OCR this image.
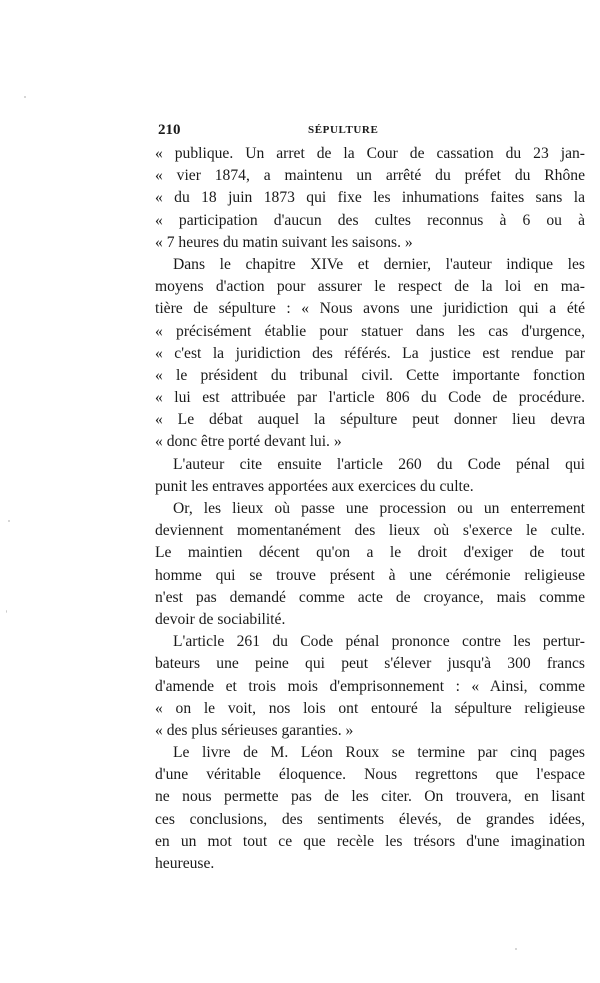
210	SÉPULTURE
« publique. Un arret de la Cour de cassation du 23 jan-
« vier 1874, a maintenu un arrêté du préfet du Rhône
« du 18 juin 1873 qui fixe les inhumations faites sans la
« participation d'aucun des cultes reconnus à 6 ou à
« 7 heures du matin suivant les saisons. »
Dans le chapitre XIVe et dernier, l'auteur indique les
moyens d'action pour assurer le respect de la loi en ma-
tière de sépulture : « Nous avons une juridiction qui a été
« précisément établie pour statuer dans les cas d'urgence,
« c'est la juridiction des référés. La justice est rendue par
« le président du tribunal civil. Cette importante fonction
« lui est attribuée par l'article 806 du Code de procédure.
« Le débat auquel la sépulture peut donner lieu devra
« donc être porté devant lui. »
L'auteur cite ensuite l'article 260 du Code pénal qui
punit les entraves apportées aux exercices du culte.
Or, les lieux où passe une procession ou un enterrement
deviennent momentanément des lieux où s'exerce le culte.
Le maintien décent qu'on a le droit d'exiger de tout
homme qui se trouve présent à une cérémonie religieuse
n'est pas demandé comme acte de croyance, mais comme
devoir de sociabilité.
L'article 261 du Code pénal prononce contre les pertur-
bateurs une peine qui peut s'élever jusqu'à 300 francs
d'amende et trois mois d'emprisonnement : « Ainsi, comme
« on le voit, nos lois ont entouré la sépulture religieuse
« des plus sérieuses garanties. »
Le livre de M. Léon Roux se termine par cinq pages
d'une véritable éloquence. Nous regrettons que l'espace
ne nous permette pas de les citer. On trouvera, en lisant
ces conclusions, des sentiments élevés, de grandes idées,
en un mot tout ce que recèle les trésors d'une imagination
heureuse.
